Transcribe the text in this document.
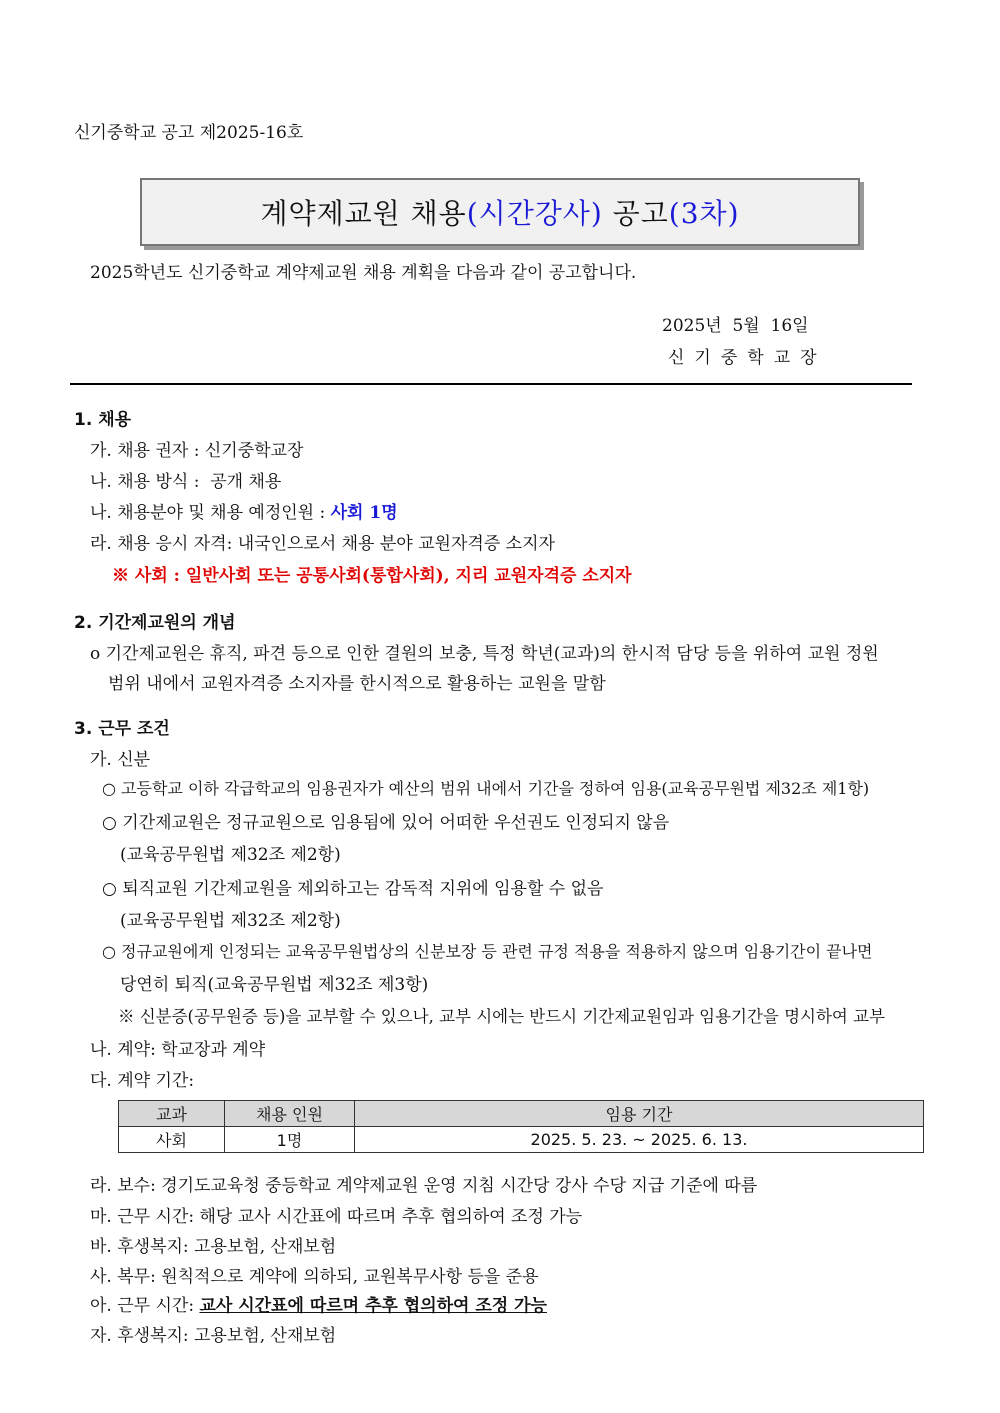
신기중학교 공고 제2025-16호
계약제교원 채용(시간강사) 공고(3차)
2025학년도 신기중학교 계약제교원 채용 계획을 다음과 같이 공고합니다.
2025년  5월  16일
신기중학교장
1. 채용
가. 채용 권자 : 신기중학교장
나. 채용 방식 :  공개 채용
나. 채용분야 및 채용 예정인원 : 사회 1명
라. 채용 응시 자격: 내국인으로서 채용 분야 교원자격증 소지자
※ 사회 : 일반사회 또는 공통사회(통합사회), 지리 교원자격증 소지자
2. 기간제교원의 개념
o 기간제교원은 휴직, 파견 등으로 인한 결원의 보충, 특정 학년(교과)의 한시적 담당 등을 위하여 교원 정원
범위 내에서 교원자격증 소지자를 한시적으로 활용하는 교원을 말함
3. 근무 조건
가. 신분
○ 고등학교 이하 각급학교의 임용권자가 예산의 범위 내에서 기간을 정하여 임용(교육공무원법 제32조 제1항)
○ 기간제교원은 정규교원으로 임용됨에 있어 어떠한 우선권도 인정되지 않음
(교육공무원법 제32조 제2항)
○ 퇴직교원 기간제교원을 제외하고는 감독적 지위에 임용할 수 없음
(교육공무원법 제32조 제2항)
○ 정규교원에게 인정되는 교육공무원법상의 신분보장 등 관련 규정 적용을 적용하지 않으며 임용기간이 끝나면
당연히 퇴직(교육공무원법 제32조 제3항)
※ 신분증(공무원증 등)을 교부할 수 있으나, 교부 시에는 반드시 기간제교원임과 임용기간을 명시하여 교부
나. 계약: 학교장과 계약
다. 계약 기간:
교과	채용 인원	임용 기간
사회	1명	2025. 5. 23. ~ 2025. 6. 13.
라. 보수: 경기도교육청 중등학교 계약제교원 운영 지침 시간당 강사 수당 지급 기준에 따름
마. 근무 시간: 해당 교사 시간표에 따르며 추후 협의하여 조정 가능
바. 후생복지: 고용보험, 산재보험
사. 복무: 원칙적으로 계약에 의하되, 교원복무사항 등을 준용
아. 근무 시간: 교사 시간표에 따르며 추후 협의하여 조정 가능
자. 후생복지: 고용보험, 산재보험
